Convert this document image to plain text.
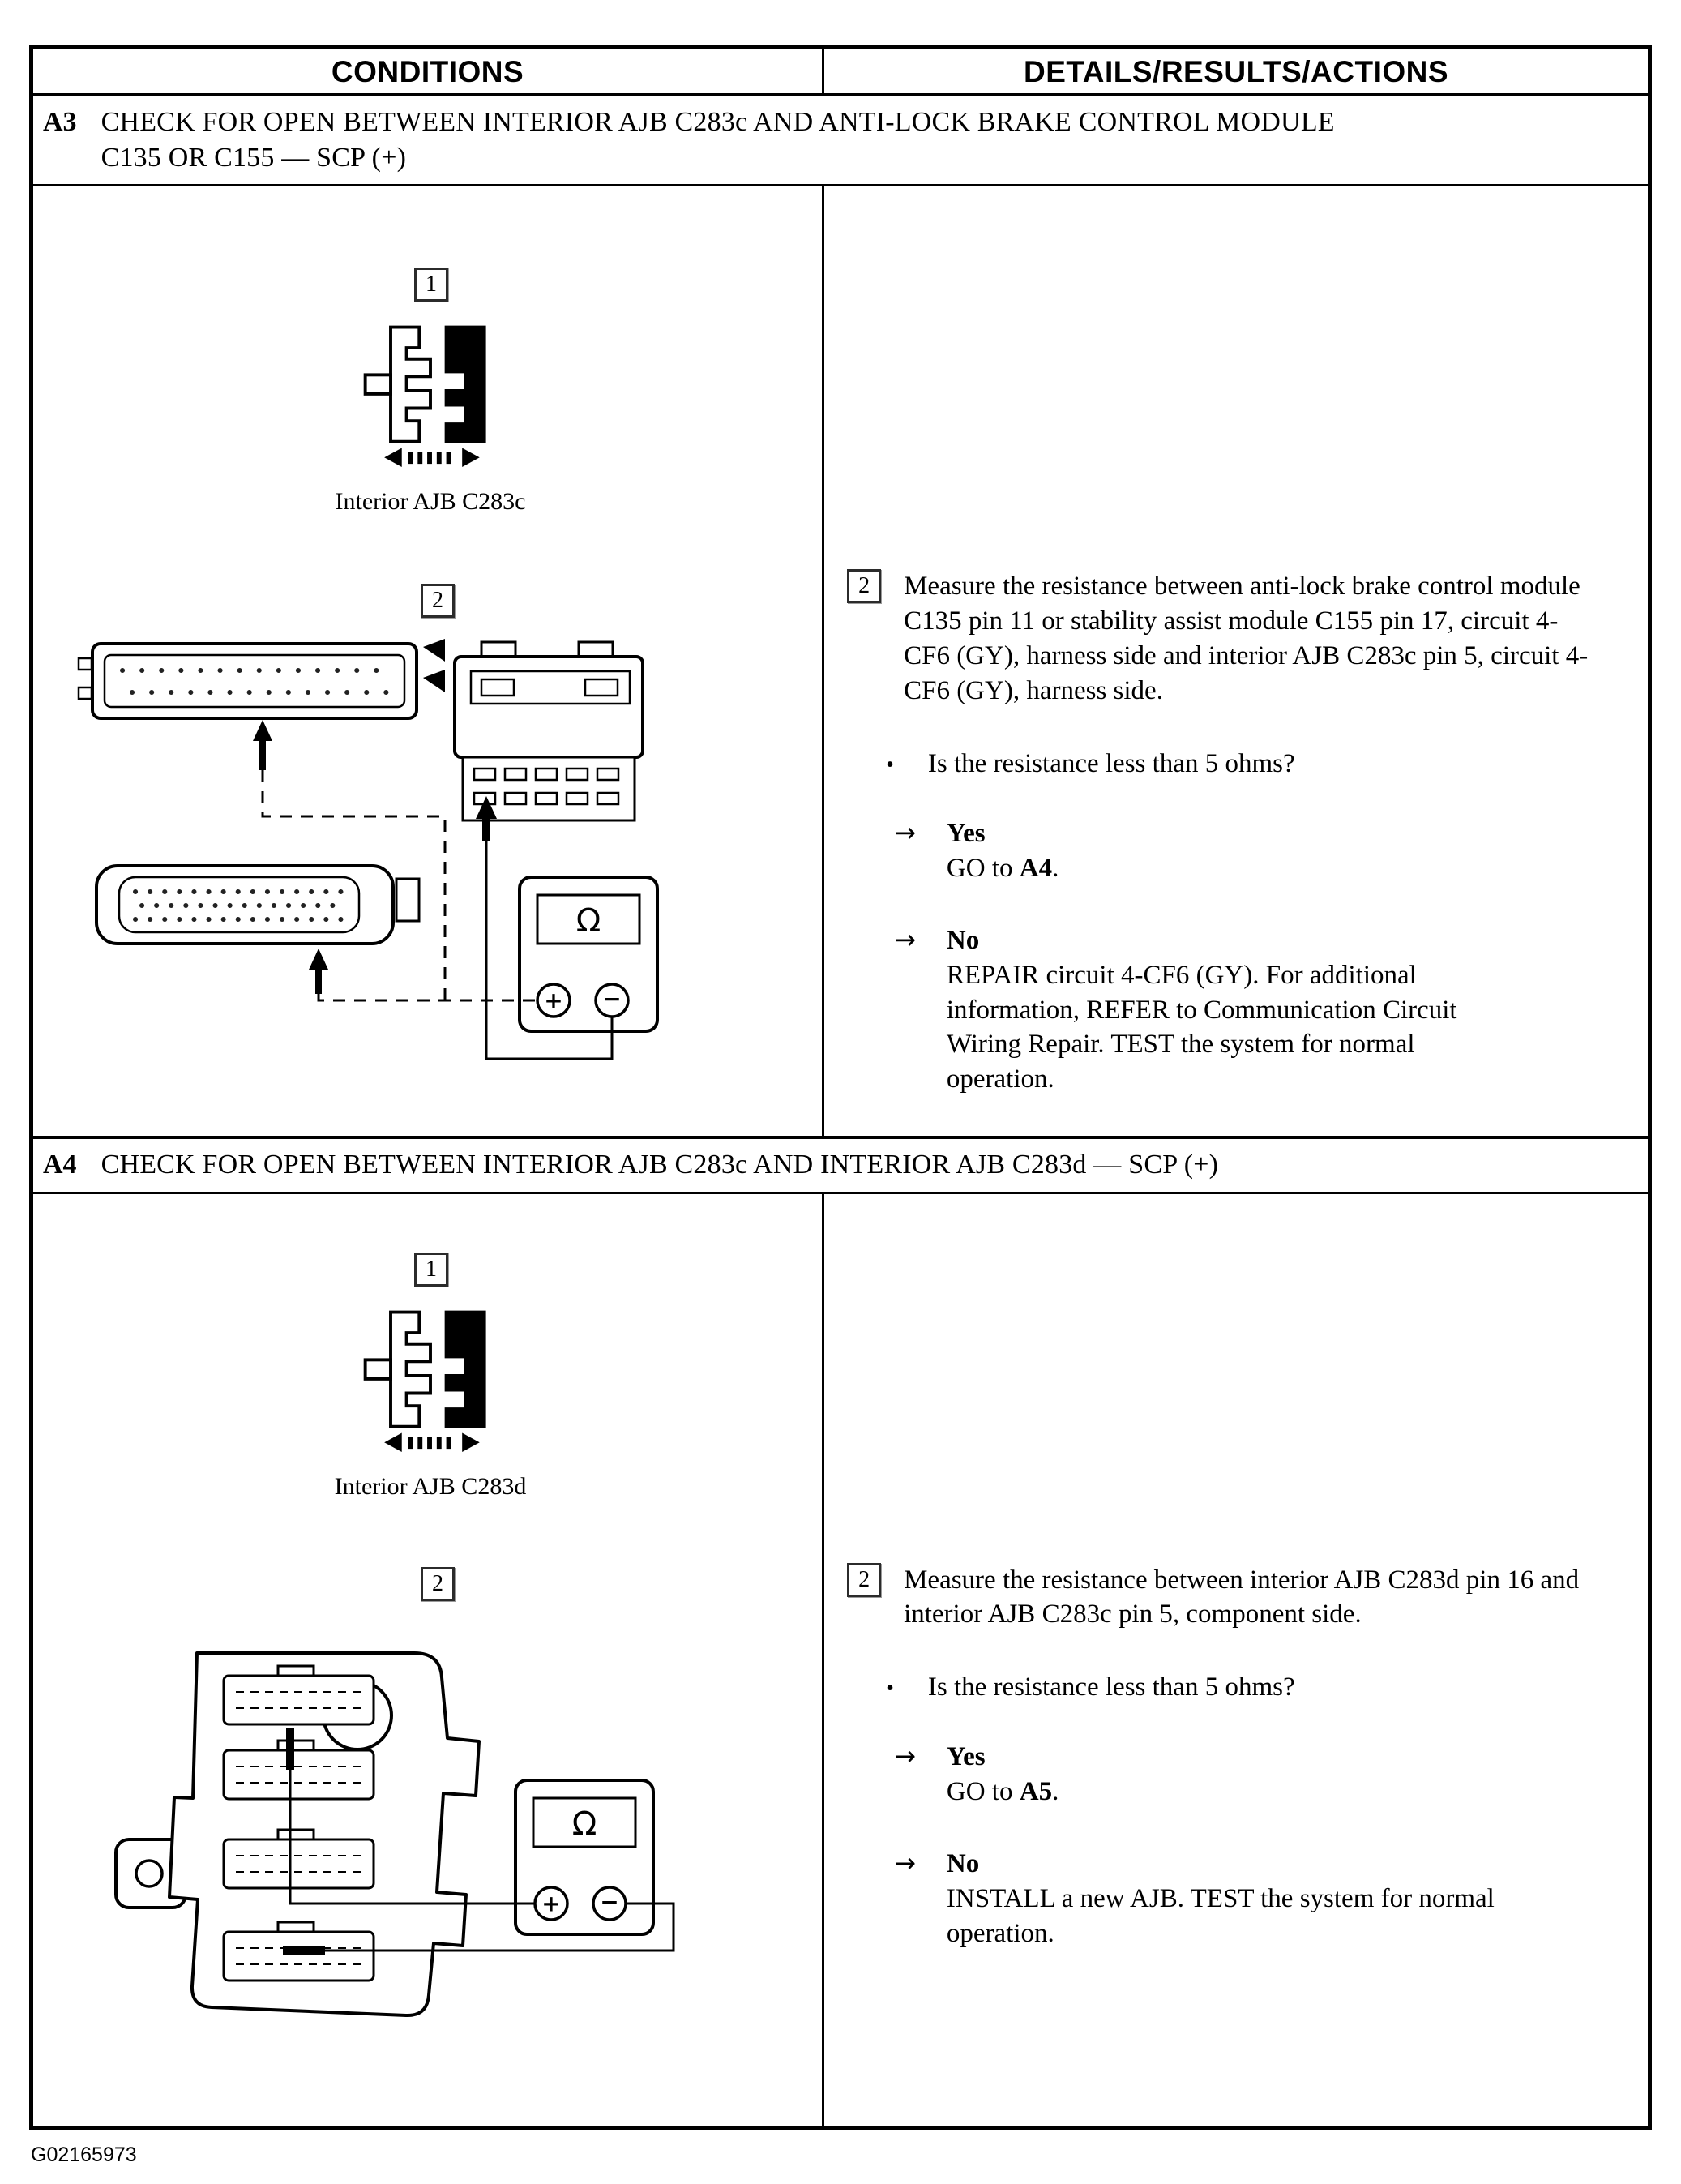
CONDITIONS	DETAILS/RESULTS/ACTIONS
A3 CHECK FOR OPEN BETWEEN INTERIOR AJB C283c AND ANTI-LOCK BRAKE CONTROL MODULE C135 OR C155 — SCP (+)
1
Interior AJB C283c
2
Ω
+ −
2	Measure the resistance between anti-lock brake control module C135 pin 11 or stability assist module C155 pin 17, circuit 4-CF6 (GY), harness side and interior AJB C283c pin 5, circuit 4-CF6 (GY), harness side.

• Is the resistance less than 5 ohms?
→ Yes
GO to A4.
→ No
REPAIR circuit 4-CF6 (GY). For additional information, REFER to Communication Circuit Wiring Repair. TEST the system for normal operation.
A4 CHECK FOR OPEN BETWEEN INTERIOR AJB C283c AND INTERIOR AJB C283d — SCP (+)
1
Interior AJB C283d
2
Ω
+ −
2	Measure the resistance between interior AJB C283d pin 16 and interior AJB C283c pin 5, component side.

• Is the resistance less than 5 ohms?
→ Yes
GO to A5.
→ No
INSTALL a new AJB. TEST the system for normal operation.
G02165973
